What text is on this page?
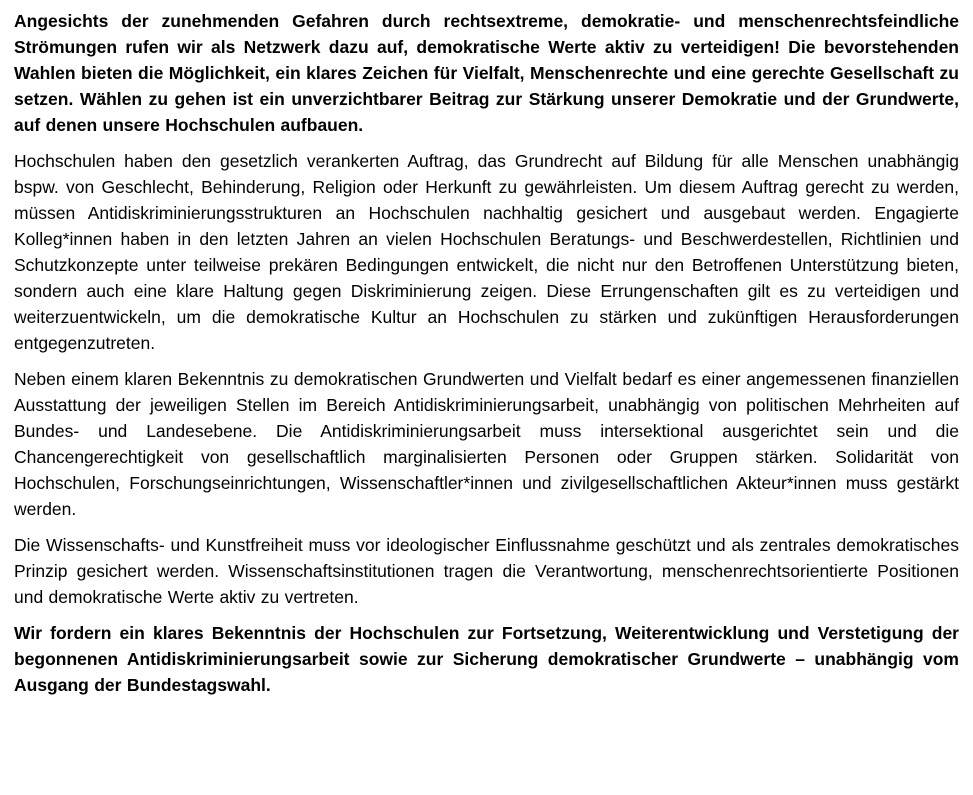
Angesichts der zunehmenden Gefahren durch rechtsextreme, demokratie- und menschenrechtsfeindliche Strömungen rufen wir als Netzwerk dazu auf, demokratische Werte aktiv zu verteidigen! Die bevorstehenden Wahlen bieten die Möglichkeit, ein klares Zeichen für Vielfalt, Menschenrechte und eine gerechte Gesellschaft zu setzen. Wählen zu gehen ist ein unverzichtbarer Beitrag zur Stärkung unserer Demokratie und der Grundwerte, auf denen unsere Hochschulen aufbauen.

Hochschulen haben den gesetzlich verankerten Auftrag, das Grundrecht auf Bildung für alle Menschen unabhängig bspw. von Geschlecht, Behinderung, Religion oder Herkunft zu gewährleisten. Um diesem Auftrag gerecht zu werden, müssen Antidiskriminierungsstrukturen an Hochschulen nachhaltig gesichert und ausgebaut werden. Engagierte Kolleg*innen haben in den letzten Jahren an vielen Hochschulen Beratungs- und Beschwerdestellen, Richtlinien und Schutzkonzepte unter teilweise prekären Bedingungen entwickelt, die nicht nur den Betroffenen Unterstützung bieten, sondern auch eine klare Haltung gegen Diskriminierung zeigen. Diese Errungenschaften gilt es zu verteidigen und weiterzuentwickeln, um die demokratische Kultur an Hochschulen zu stärken und zukünftigen Herausforderungen entgegenzutreten.

Neben einem klaren Bekenntnis zu demokratischen Grundwerten und Vielfalt bedarf es einer angemessenen finanziellen Ausstattung der jeweiligen Stellen im Bereich Antidiskriminierungsarbeit, unabhängig von politischen Mehrheiten auf Bundes- und Landesebene. Die Antidiskriminierungsarbeit muss intersektional ausgerichtet sein und die Chancengerechtigkeit von gesellschaftlich marginalisierten Personen oder Gruppen stärken. Solidarität von Hochschulen, Forschungseinrichtungen, Wissenschaftler*innen und zivilgesellschaftlichen Akteur*innen muss gestärkt werden.

Die Wissenschafts- und Kunstfreiheit muss vor ideologischer Einflussnahme geschützt und als zentrales demokratisches Prinzip gesichert werden. Wissenschaftsinstitutionen tragen die Verantwortung, menschenrechtsorientierte Positionen und demokratische Werte aktiv zu vertreten.

Wir fordern ein klares Bekenntnis der Hochschulen zur Fortsetzung, Weiterentwicklung und Verstetigung der begonnenen Antidiskriminierungsarbeit sowie zur Sicherung demokratischer Grundwerte – unabhängig vom Ausgang der Bundestagswahl.
